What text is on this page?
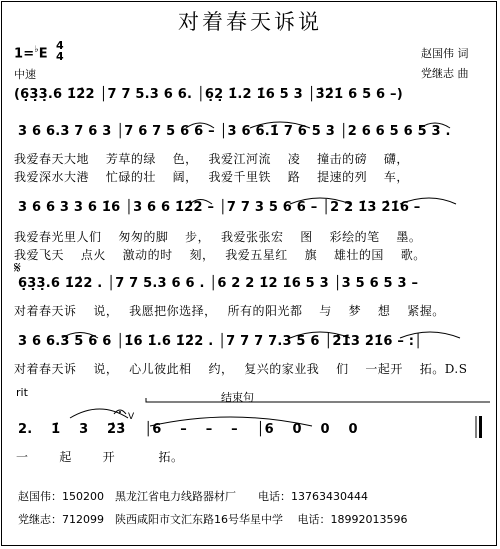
对着春天诉说
1=♭E
4
4
中速
赵国伟 词
党继志 曲
(6̣3̣3̣.6 1̇2̇2 │7 7 5.3 6 6. │6̣2̣ 1̇.2 1̇6 5 3 │3̇2̇1̇ 6 5 6 –)
3 6 6.3 7 6 3 │7 6 7 5 6 6 – │3 6 6.1̇ 7 6 5 3 │2 6 6 5 6 5 3 .
我爱春天大地　 芳草的绿　 色，　 我爱江河流　 凌　 撞击的磅　 礴，
我爱深水大港　 忙碌的壮　 阔，　 我爱千里铁　 路　 提速的列　 车，
3 6 6 3 3 6 1̇6 │3 6 6 1̇2̇2 – │7 7 3 5 6 6 – │2 2 1̇3 2̇1̇6 –
我爱春光里人们　 匆匆的脚　 步，　 我爱张张宏　 图　 彩绘的笔　 墨。
我爱飞天　 点火　 激动的时　 刻，　 我爱五星红　 旗　 雄壮的国　 歌。
𝄋
6̣3̣3̣.6 1̇2̇2 . │7 7 5.3 6 6 . │6 2 2 1̇2 1̇6 5 3 │3 5 6 5 3 –
对着春天诉　 说，　 我愿把你选择，　 所有的阳光都　 与　 梦　 想　 紧握。
3 6 6.3 5 6 6 │1̇6 1̇.6 1̇2̇2 . │7 7 7 7.3 5 6 │2̇1̇3 2̇1̇6 – :│
对着春天诉　 说，　 心儿彼此相　 约，　 复兴的家业我　 们　 一起开　 拓。D.S
rit	结束句
2. 1̇ 3 2̇3̇ │6 – – – │6 0 0 0
V
一　 起　 开　　 拓。
赵国伟：150200　黑龙江省电力线路器材厂　　电话：13763430444
党继志：712099　陕西咸阳市文汇东路16号华星中学　 电话：18992013596
